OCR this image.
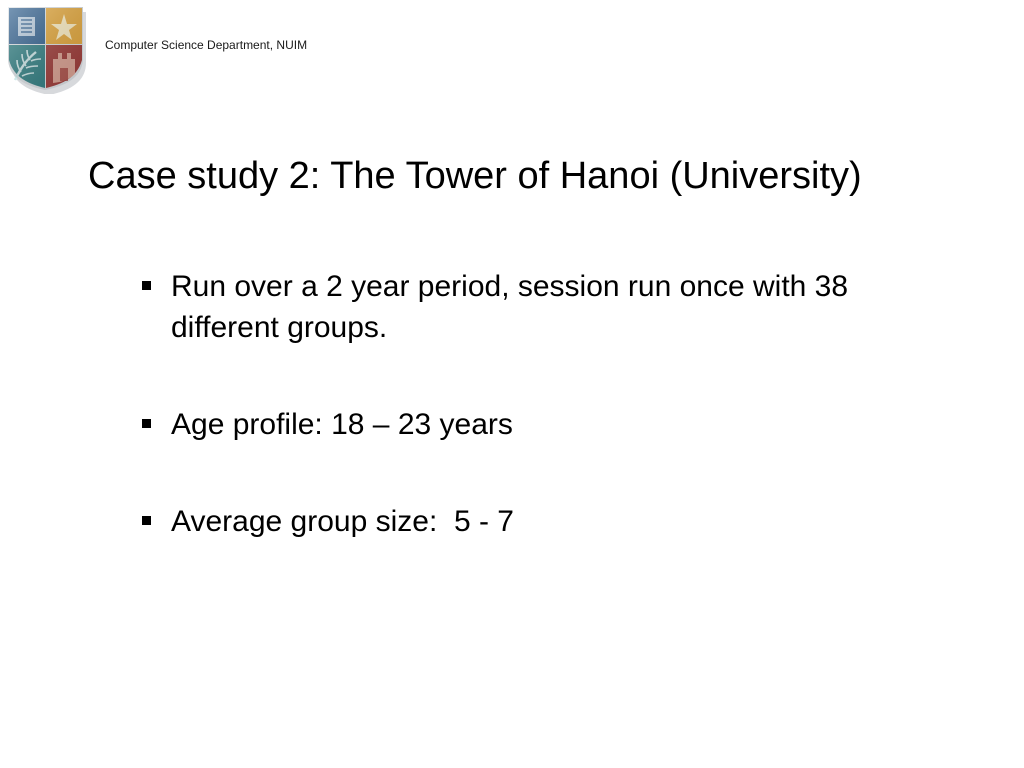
Computer Science Department, NUIM
Case study 2: The Tower of Hanoi (University)
Run over a 2 year period, session run once with 38 different groups.
Age profile: 18 – 23 years
Average group size:  5 - 7
